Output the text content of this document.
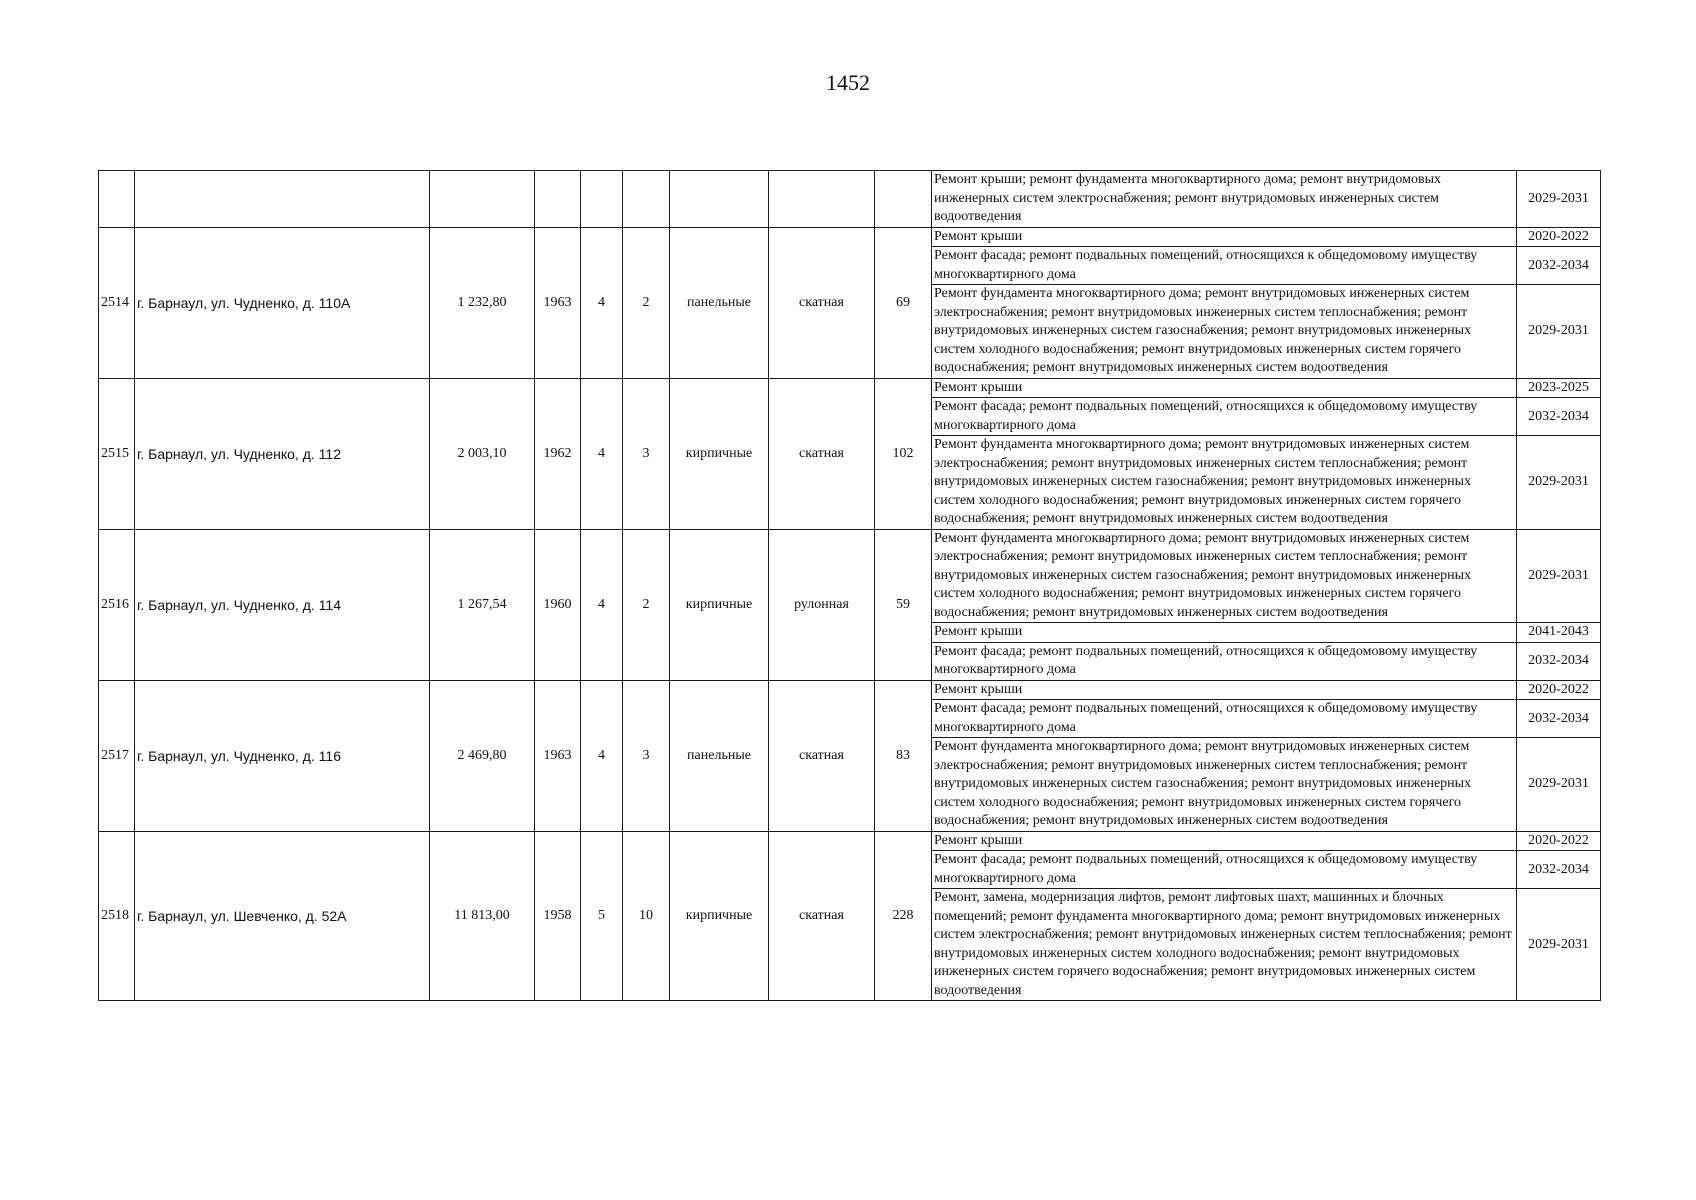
1452
									Ремонт крыши; ремонт фундамента многоквартирного дома; ремонт внутридомовых инженерных систем электроснабжения; ремонт внутридомовых инженерных систем водоотведения	2029-2031
2514	г. Барнаул, ул. Чудненко, д. 110А	1 232,80	1963	4	2	панельные	скатная	69	Ремонт крыши	2020-2022
									Ремонт фасада; ремонт подвальных помещений, относящихся к общедомовому имуществу многоквартирного дома	2032-2034
									Ремонт фундамента многоквартирного дома; ремонт внутридомовых инженерных систем электроснабжения; ремонт внутридомовых инженерных систем теплоснабжения; ремонт внутридомовых инженерных систем газоснабжения; ремонт внутридомовых инженерных систем холодного водоснабжения; ремонт внутридомовых инженерных систем горячего водоснабжения; ремонт внутридомовых инженерных систем водоотведения	2029-2031
2515	г. Барнаул, ул. Чудненко, д. 112	2 003,10	1962	4	3	кирпичные	скатная	102	Ремонт крыши	2023-2025
									Ремонт фасада; ремонт подвальных помещений, относящихся к общедомовому имуществу многоквартирного дома	2032-2034
									Ремонт фундамента многоквартирного дома; ремонт внутридомовых инженерных систем электроснабжения; ремонт внутридомовых инженерных систем теплоснабжения; ремонт внутридомовых инженерных систем газоснабжения; ремонт внутридомовых инженерных систем холодного водоснабжения; ремонт внутридомовых инженерных систем горячего водоснабжения; ремонт внутридомовых инженерных систем водоотведения	2029-2031
2516	г. Барнаул, ул. Чудненко, д. 114	1 267,54	1960	4	2	кирпичные	рулонная	59	Ремонт фундамента многоквартирного дома; ремонт внутридомовых инженерных систем электроснабжения; ремонт внутридомовых инженерных систем теплоснабжения; ремонт внутридомовых инженерных систем газоснабжения; ремонт внутридомовых инженерных систем холодного водоснабжения; ремонт внутридомовых инженерных систем горячего водоснабжения; ремонт внутридомовых инженерных систем водоотведения	2029-2031
									Ремонт крыши	2041-2043
									Ремонт фасада; ремонт подвальных помещений, относящихся к общедомовому имуществу многоквартирного дома	2032-2034
2517	г. Барнаул, ул. Чудненко, д. 116	2 469,80	1963	4	3	панельные	скатная	83	Ремонт крыши	2020-2022
									Ремонт фасада; ремонт подвальных помещений, относящихся к общедомовому имуществу многоквартирного дома	2032-2034
									Ремонт фундамента многоквартирного дома; ремонт внутридомовых инженерных систем электроснабжения; ремонт внутридомовых инженерных систем теплоснабжения; ремонт внутридомовых инженерных систем газоснабжения; ремонт внутридомовых инженерных систем холодного водоснабжения; ремонт внутридомовых инженерных систем горячего водоснабжения; ремонт внутридомовых инженерных систем водоотведения	2029-2031
2518	г. Барнаул, ул. Шевченко, д. 52А	11 813,00	1958	5	10	кирпичные	скатная	228	Ремонт крыши	2020-2022
									Ремонт фасада; ремонт подвальных помещений, относящихся к общедомовому имуществу многоквартирного дома	2032-2034
									Ремонт, замена, модернизация лифтов, ремонт лифтовых шахт, машинных и блочных помещений; ремонт фундамента многоквартирного дома; ремонт внутридомовых инженерных систем электроснабжения; ремонт внутридомовых инженерных систем теплоснабжения; ремонт внутридомовых инженерных систем холодного водоснабжения; ремонт внутридомовых инженерных систем горячего водоснабжения; ремонт внутридомовых инженерных систем водоотведения	2029-2031
